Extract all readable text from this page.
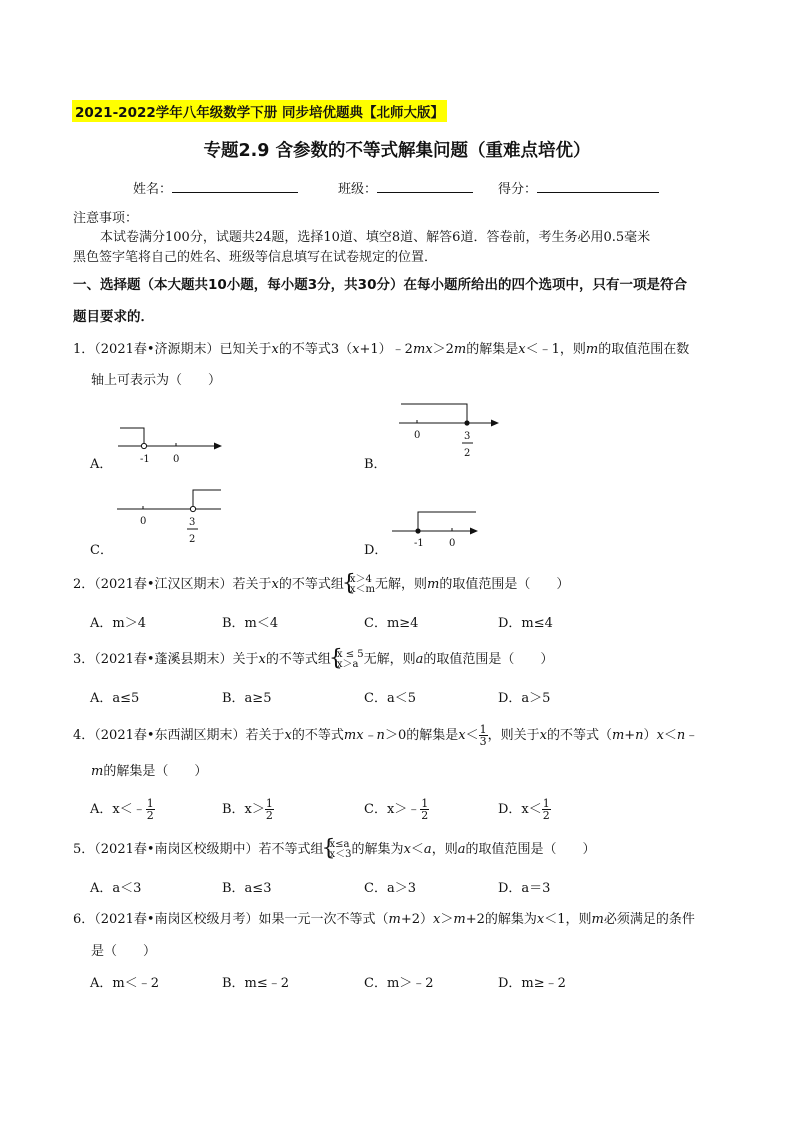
2021-2022学年八年级数学下册 同步培优题典【北师大版】
专题2.9 含参数的不等式解集问题（重难点培优）
姓名：	班级：	得分：
注意事项：
本试卷满分100分，试题共24题，选择10道、填空8道、解答6道．答卷前，考生务必用0.5毫米
黑色签字笔将自己的姓名、班级等信息填写在试卷规定的位置．
一、选择题（本大题共10小题，每小题3分，共30分）在每小题所给出的四个选项中，只有一项是符合
题目要求的．
1．（2021春•济源期末）已知关于x的不等式3（x+1）﹣2mx＞2m的解集是x＜﹣1，则m的取值范围在数
轴上可表示为（　　）
A．	-1 0	B．
0	3
2
C．
0	3
2
D．	-1	0
2．（2021春•江汉区期末）若关于x的不等式组 { x＞4
x＜m 无解，则m的取值范围是（　　）
A．m＞4	B．m＜4	C．m≥4	D．m≤4
3．（2021春•蓬溪县期末）关于x的不等式组 { x ≤ 5
x＞a 无解，则a的取值范围是（　　）
A．a≤5	B．a≥5	C．a＜5	D．a＞5
4．（2021春•东西湖区期末）若关于x的不等式mx﹣n＞0的解集是$x< \frac{1}{3}$ ，则关于x的不等式（m+n）x＜n﹣
m的解集是（　　）
A．x＜﹣ $\frac{1}{2}$	B．$x> \frac{1}{2}$	C．x＞﹣ $\frac{1}{2}$	D．$x< \frac{1}{2}$
5．（2021春•南岗区校级期中）若不等式组 { x≤a
x＜3 的解集为x＜a，则a的取值范围是（　　）
A．a＜3	B．a≤3	C．a＞3	D．a＝3
6．（2021春•南岗区校级月考）如果一元一次不等式（m+2）x＞m+2的解集为x＜1，则m必须满足的条件
是（　　）
A．m＜﹣2	B．m≤﹣2	C．m＞﹣2	D．m≥﹣2
